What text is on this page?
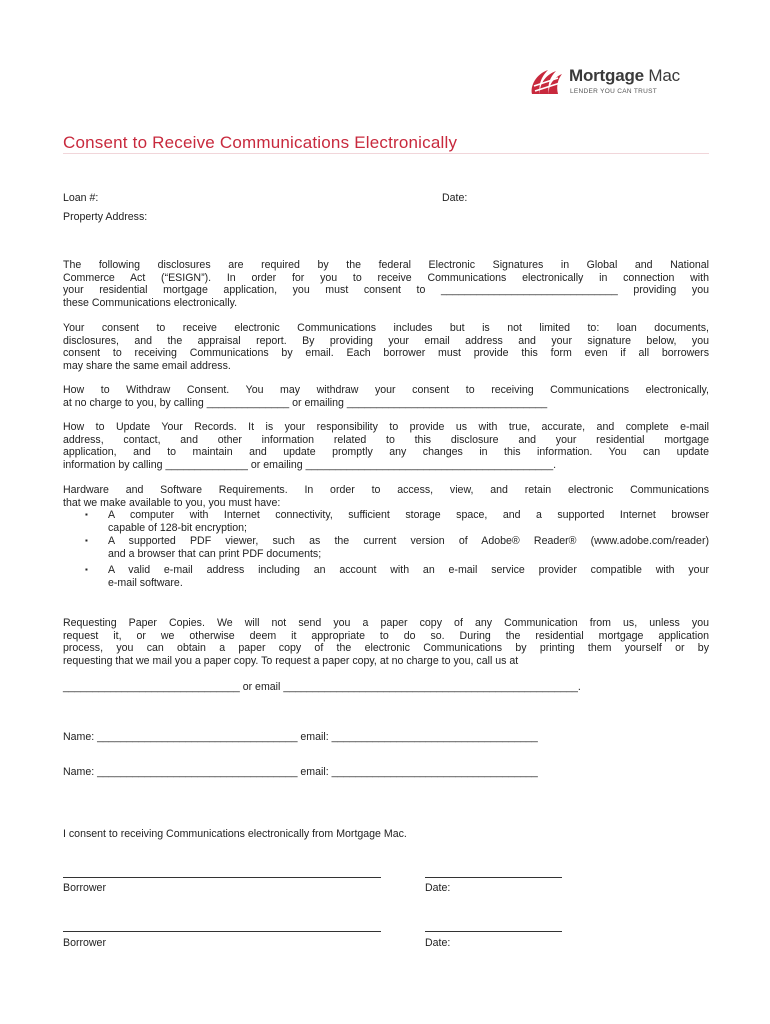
Mortgage Mac
LENDER YOU CAN TRUST
Consent to Receive Communications Electronically
Loan #:	Date:
Property Address:
The following disclosures are required by the federal Electronic Signatures in Global and National
Commerce Act (“ESIGN”). In order for you to receive Communications electronically in connection with
your residential mortgage application, you must consent to ______________________________ providing you
these Communications electronically.
Your consent to receive electronic Communications includes but is not limited to: loan documents,
disclosures, and the appraisal report. By providing your email address and your signature below, you
consent to receiving Communications by email. Each borrower must provide this form even if all borrowers
may share the same email address.
How to Withdraw Consent. You may withdraw your consent to receiving Communications electronically,
at no charge to you, by calling ______________ or emailing __________________________________
How to Update Your Records. It is your responsibility to provide us with true, accurate, and complete e-mail
address, contact, and other information related to this disclosure and your residential mortgage
application, and to maintain and update promptly any changes in this information. You can update
information by calling ______________ or emailing __________________________________________.
Hardware and Software Requirements. In order to access, view, and retain electronic Communications
that we make available to you, you must have:
▪ A computer with Internet connectivity, sufficient storage space, and a supported Internet browser
capable of 128-bit encryption;
▪ A supported PDF viewer, such as the current version of Adobe® Reader® (www.adobe.com/reader)
and a browser that can print PDF documents;
▪ A valid e-mail address including an account with an e-mail service provider compatible with your
e-mail software.
Requesting Paper Copies. We will not send you a paper copy of any Communication from us, unless you
request it, or we otherwise deem it appropriate to do so. During the residential mortgage application
process, you can obtain a paper copy of the electronic Communications by printing them yourself or by
requesting that we mail you a paper copy. To request a paper copy, at no charge to you, call us at
______________________________ or email __________________________________________________.
Name: __________________________________ email: ___________________________________
Name: __________________________________ email: ___________________________________
I consent to receiving Communications electronically from Mortgage Mac.
Borrower	Date:
Borrower	Date:
